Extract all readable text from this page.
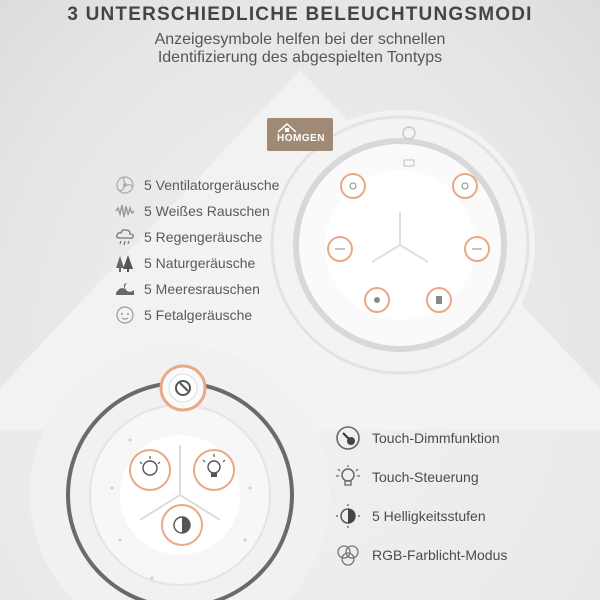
3 UNTERSCHIEDLICHE BELEUCHTUNGSMODI
Anzeigesymbole helfen bei der schnellen
Identifizierung des abgespielten Tontyps
HOMGEN
5 Ventilatorgeräusche
5 Weißes Rauschen
5 Regengeräusche
5 Naturgeräusche
5 Meeresrauschen
5 Fetalgeräusche
Touch-Dimmfunktion
Touch-Steuerung
5 Helligkeitsstufen
RGB-Farblicht-Modus
